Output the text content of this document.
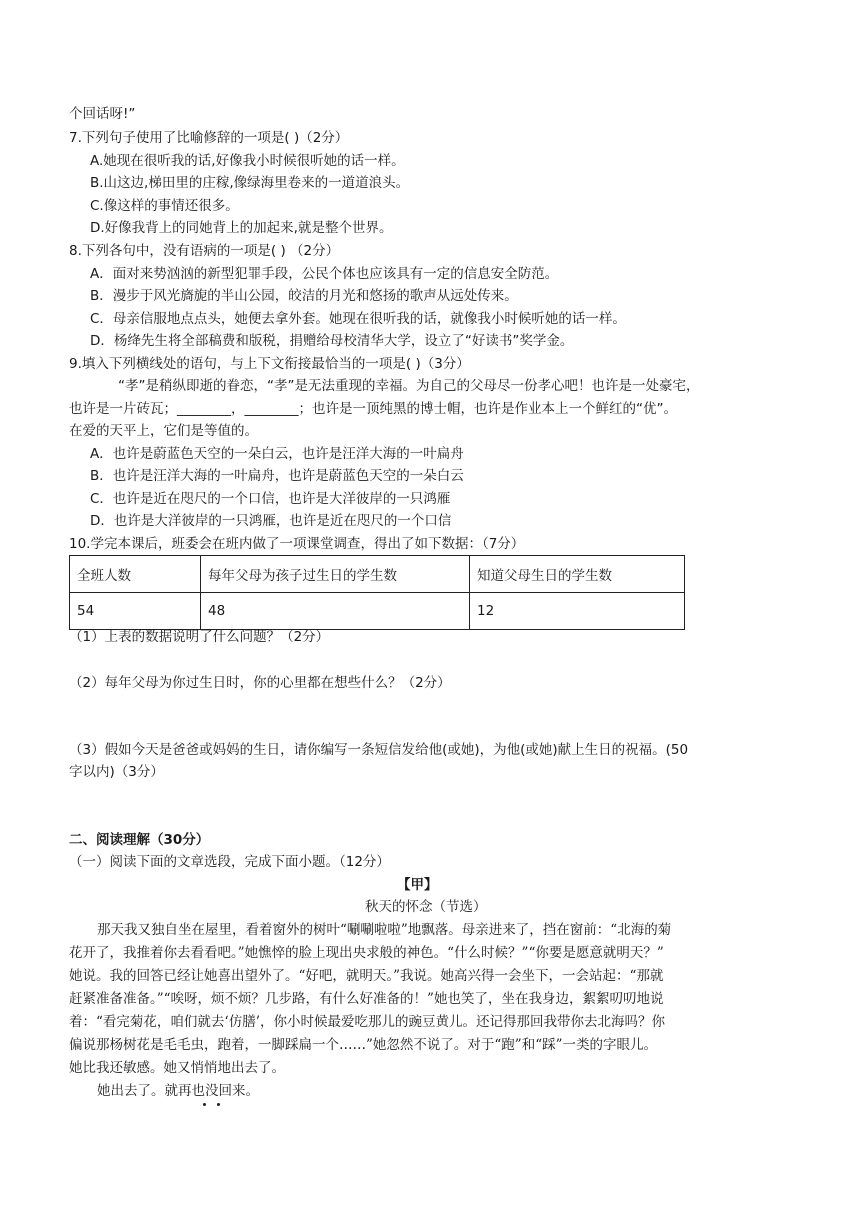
个回话呀!”
7.下列句子使用了比喻修辞的一项是( )（2分）
A.她现在很听我的话,好像我小时候很听她的话一样。
B.山这边,梯田里的庄稼,像绿海里卷来的一道道浪头。
C.像这样的事情还很多。
D.好像我背上的同她背上的加起来,就是整个世界。
8.下列各句中，没有语病的一项是( ) （2分）
A．面对来势汹汹的新型犯罪手段，公民个体也应该具有一定的信息安全防范。
B．漫步于风光旖旎的半山公园，皎洁的月光和悠扬的歌声从远处传来。
C．母亲信服地点点头，她便去拿外套。她现在很听我的话，就像我小时候听她的话一样。
D．杨绛先生将全部稿费和版税，捐赠给母校清华大学，设立了“好读书”奖学金。
9.填入下列横线处的语句，与上下文衔接最恰当的一项是( )（3分）
“孝”是稍纵即逝的眷恋，“孝”是无法重现的幸福。为自己的父母尽一份孝心吧！也许是一处豪宅，
也许是一片砖瓦；________，________；也许是一顶纯黑的博士帽，也许是作业本上一个鲜红的“优”。
在爱的天平上，它们是等值的。
A．也许是蔚蓝色天空的一朵白云，也许是汪洋大海的一叶扁舟
B．也许是汪洋大海的一叶扁舟，也许是蔚蓝色天空的一朵白云
C．也许是近在咫尺的一个口信，也许是大洋彼岸的一只鸿雁
D．也许是大洋彼岸的一只鸿雁，也许是近在咫尺的一个口信
10.学完本课后，班委会在班内做了一项课堂调查，得出了如下数据：（7分）
全班人数	每年父母为孩子过生日的学生数	知道父母生日的学生数
54	48	12
（1）上表的数据说明了什么问题？（2分）
（2）每年父母为你过生日时，你的心里都在想些什么？（2分）
（3）假如今天是爸爸或妈妈的生日，请你编写一条短信发给他(或她)，为他(或她)献上生日的祝福。(50
字以内)（3分）
二、阅读理解（30分）
（一）阅读下面的文章选段，完成下面小题。（12分）
【甲】
秋天的怀念（节选）
那天我又独自坐在屋里，看着窗外的树叶“唰唰啦啦”地飘落。母亲进来了，挡在窗前：“北海的菊
花开了，我推着你去看看吧。”她憔悴的脸上现出央求般的神色。“什么时候？”“你要是愿意就明天？”
她说。我的回答已经让她喜出望外了。“好吧，就明天。”我说。她高兴得一会坐下，一会站起：“那就
赶紧准备准备。”“唉呀，烦不烦？几步路，有什么好准备的！”她也笑了，坐在我身边，絮絮叨叨地说
着：“看完菊花，咱们就去‘仿膳’，你小时候最爱吃那儿的豌豆黄儿。还记得那回我带你去北海吗？你
偏说那杨树花是毛毛虫，跑着，一脚踩扁一个……”她忽然不说了。对于“跑”和“踩”一类的字眼儿。
她比我还敏感。她又悄悄地出去了。
她出去了。就再也没回来。
